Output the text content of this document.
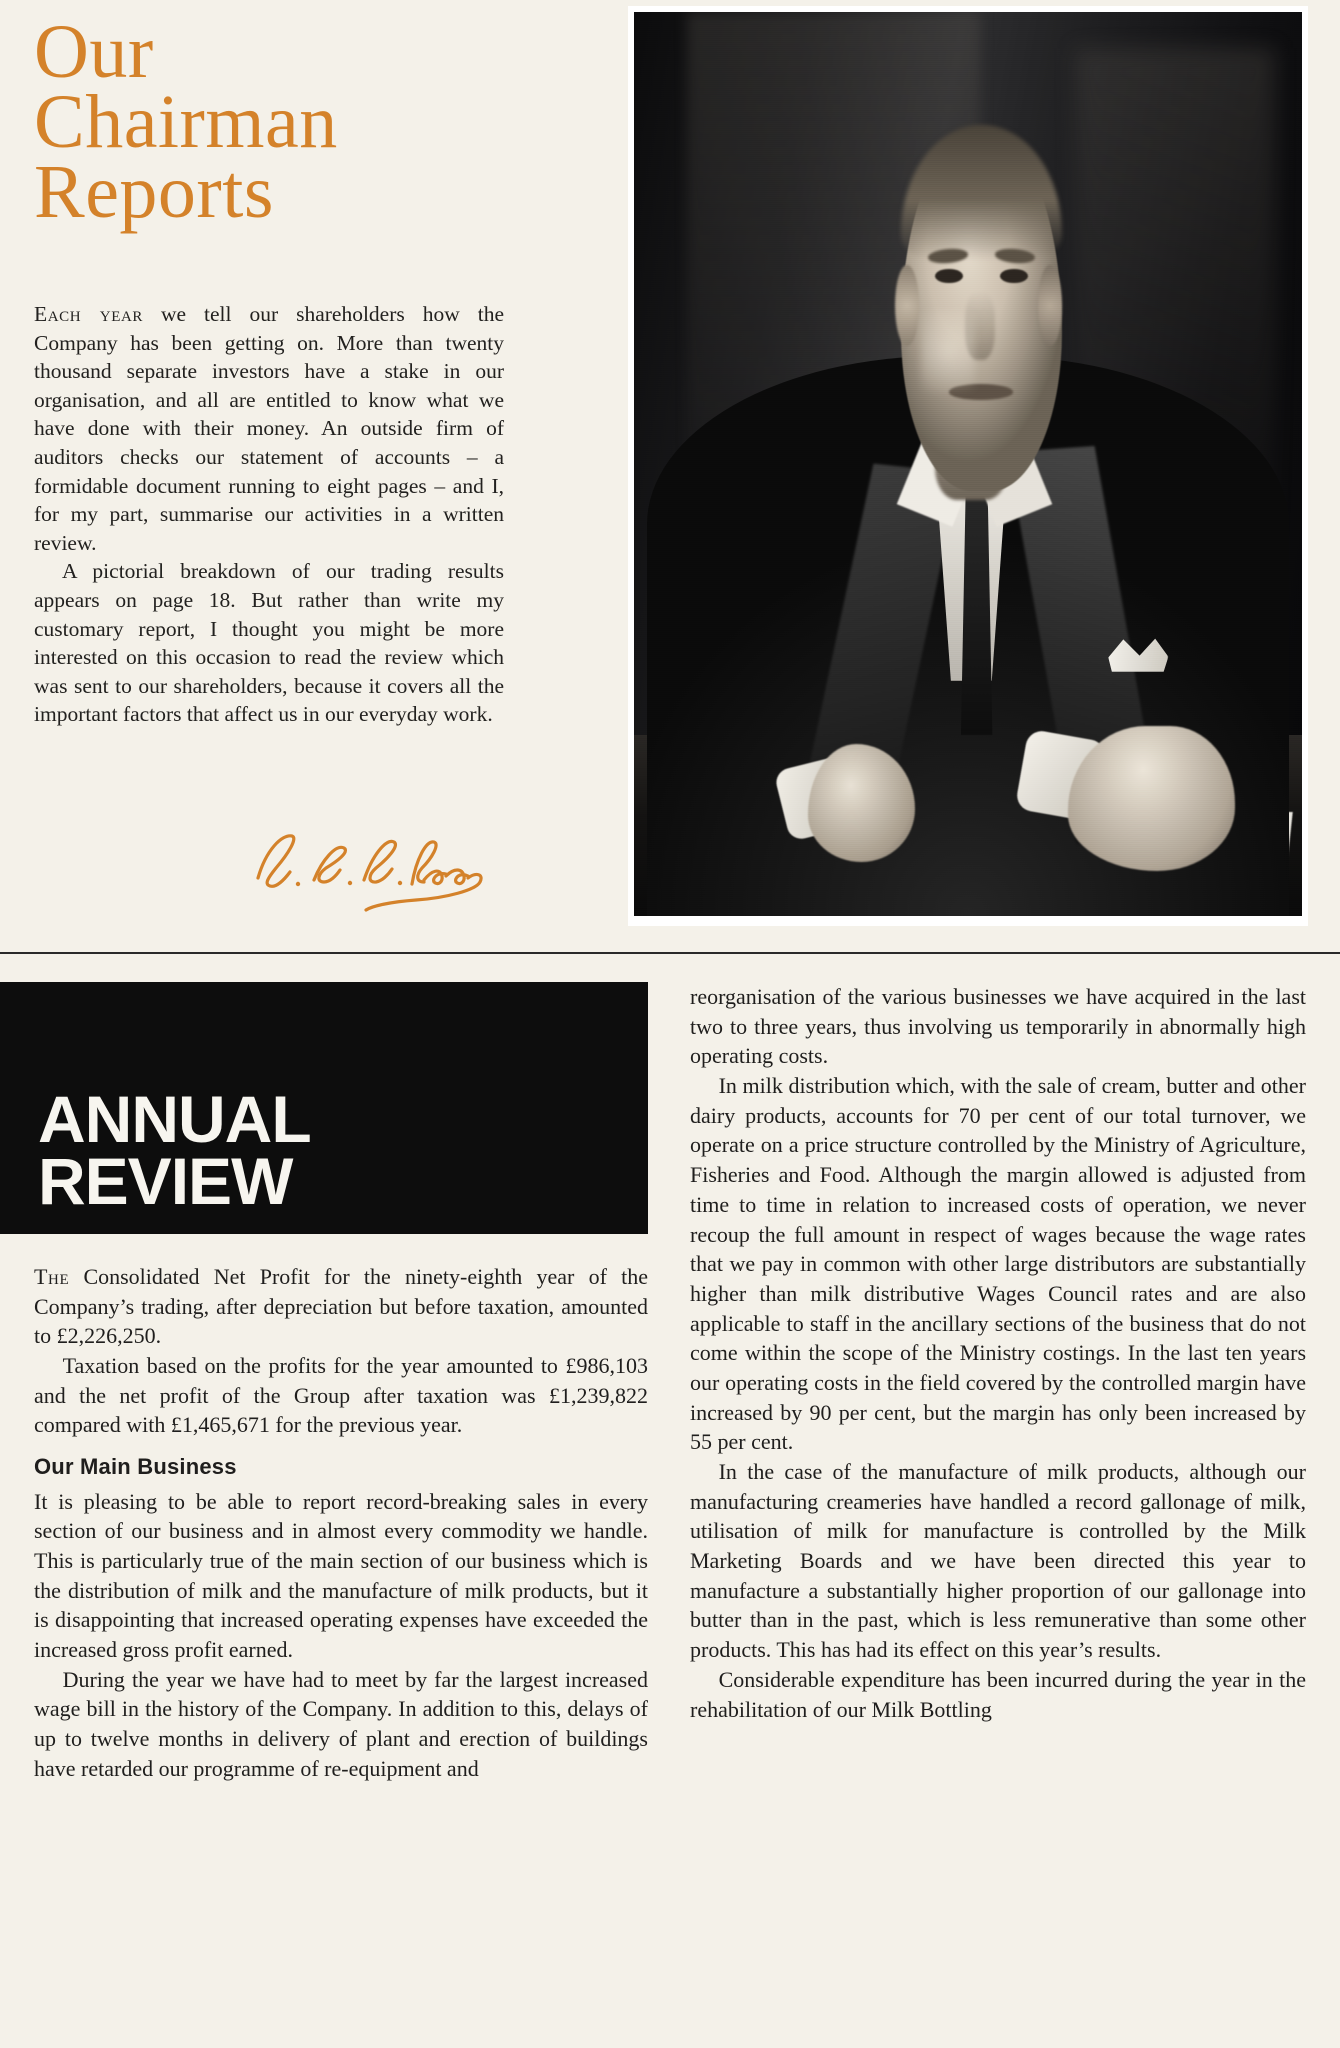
Our
Chairman
Reports

Each year we tell our shareholders how the Company has been getting on. More than twenty thousand separate investors have a stake in our organisation, and all are entitled to know what we have done with their money. An outside firm of auditors checks our statement of accounts – a formidable document running to eight pages – and I, for my part, summarise our activities in a written review.

A pictorial breakdown of our trading results appears on page 18. But rather than write my customary report, I thought you might be more interested on this occasion to read the review which was sent to our shareholders, because it covers all the important factors that affect us in our everyday work.

ANNUAL
REVIEW

The Consolidated Net Profit for the ninety-eighth year of the Company’s trading, after depreciation but before taxation, amounted to £2,226,250.

Taxation based on the profits for the year amounted to £986,103 and the net profit of the Group after taxation was £1,239,822 compared with £1,465,671 for the previous year.

Our Main Business

It is pleasing to be able to report record-breaking sales in every section of our business and in almost every commodity we handle. This is particularly true of the main section of our business which is the distribution of milk and the manufacture of milk products, but it is disappointing that increased operating expenses have exceeded the increased gross profit earned.

During the year we have had to meet by far the largest increased wage bill in the history of the Company. In addition to this, delays of up to twelve months in delivery of plant and erection of buildings have retarded our programme of re-equipment and

reorganisation of the various businesses we have acquired in the last two to three years, thus involving us temporarily in abnormally high operating costs.

In milk distribution which, with the sale of cream, butter and other dairy products, accounts for 70 per cent of our total turnover, we operate on a price structure controlled by the Ministry of Agriculture, Fisheries and Food. Although the margin allowed is adjusted from time to time in relation to increased costs of operation, we never recoup the full amount in respect of wages because the wage rates that we pay in common with other large distributors are substantially higher than milk distributive Wages Council rates and are also applicable to staff in the ancillary sections of the business that do not come within the scope of the Ministry costings. In the last ten years our operating costs in the field covered by the controlled margin have increased by 90 per cent, but the margin has only been increased by 55 per cent.

In the case of the manufacture of milk products, although our manufacturing creameries have handled a record gallonage of milk, utilisation of milk for manufacture is controlled by the Milk Marketing Boards and we have been directed this year to manufacture a substantially higher proportion of our gallonage into butter than in the past, which is less remunerative than some other products. This has had its effect on this year’s results.

Considerable expenditure has been incurred during the year in the rehabilitation of our Milk Bottling
